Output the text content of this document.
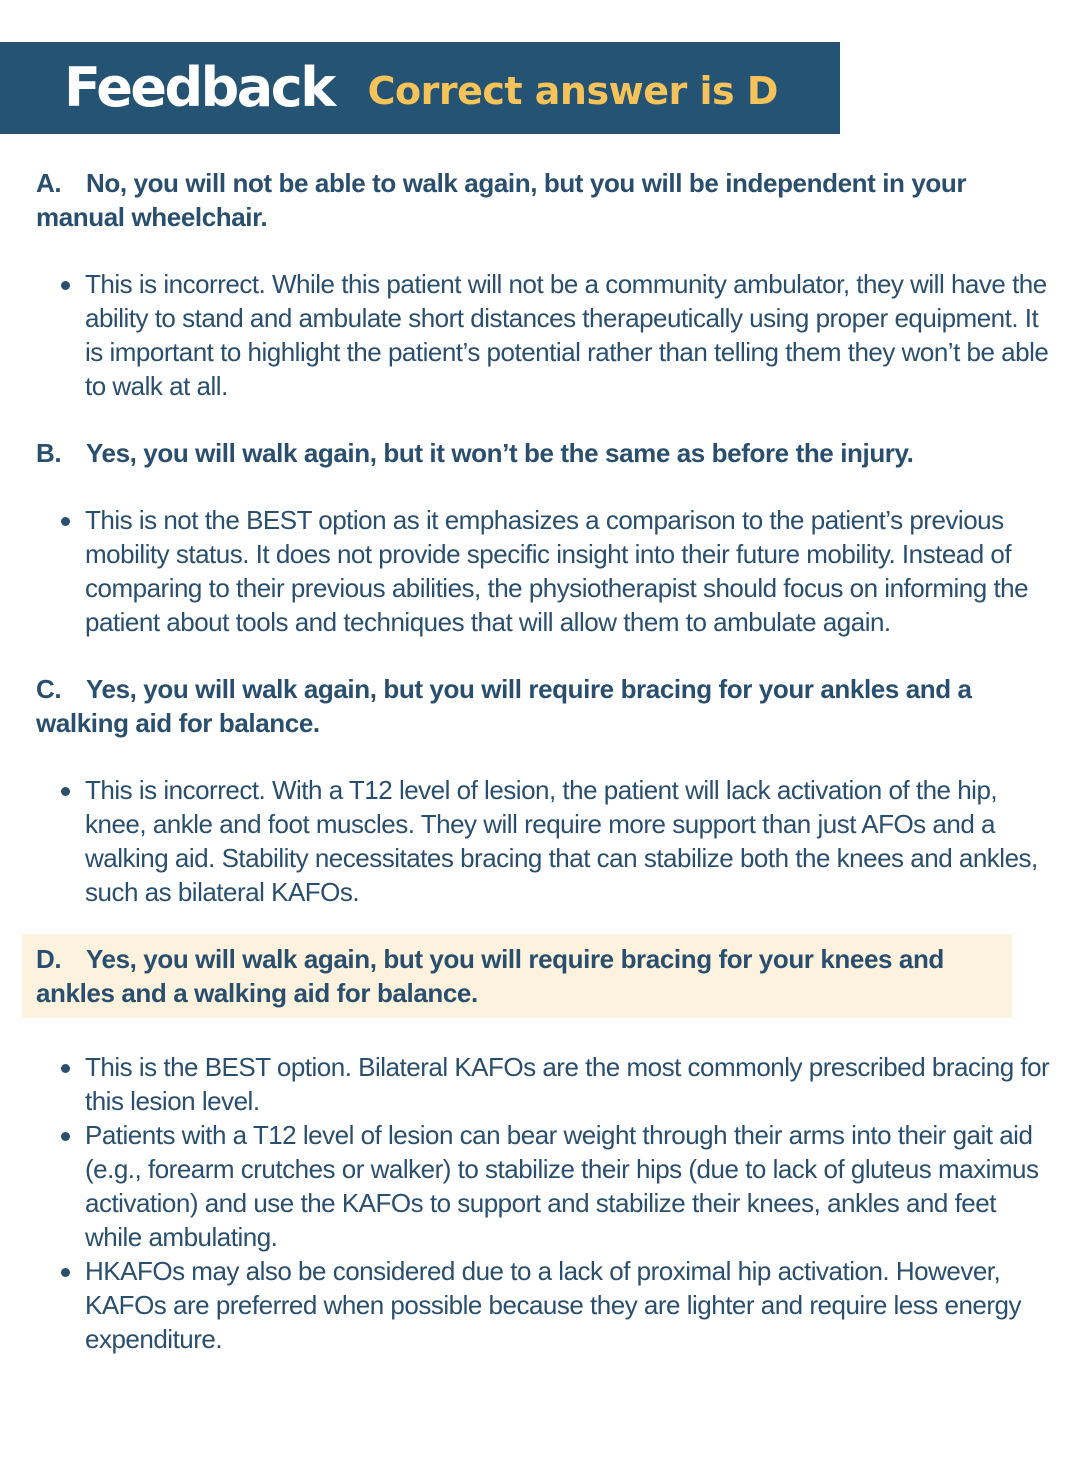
Feedback Correct answer is D

A. No, you will not be able to walk again, but you will be independent in your manual wheelchair.

This is incorrect. While this patient will not be a community ambulator, they will have the ability to stand and ambulate short distances therapeutically using proper equipment. It is important to highlight the patient’s potential rather than telling them they won’t be able to walk at all.

B. Yes, you will walk again, but it won’t be the same as before the injury.

This is not the BEST option as it emphasizes a comparison to the patient’s previous mobility status. It does not provide specific insight into their future mobility. Instead of comparing to their previous abilities, the physiotherapist should focus on informing the patient about tools and techniques that will allow them to ambulate again.

C. Yes, you will walk again, but you will require bracing for your ankles and a walking aid for balance.

This is incorrect. With a T12 level of lesion, the patient will lack activation of the hip, knee, ankle and foot muscles. They will require more support than just AFOs and a walking aid. Stability necessitates bracing that can stabilize both the knees and ankles, such as bilateral KAFOs.

D. Yes, you will walk again, but you will require bracing for your knees and ankles and a walking aid for balance.

This is the BEST option. Bilateral KAFOs are the most commonly prescribed bracing for this lesion level.
Patients with a T12 level of lesion can bear weight through their arms into their gait aid (e.g., forearm crutches or walker) to stabilize their hips (due to lack of gluteus maximus activation) and use the KAFOs to support and stabilize their knees, ankles and feet while ambulating.
HKAFOs may also be considered due to a lack of proximal hip activation. However, KAFOs are preferred when possible because they are lighter and require less energy expenditure.
